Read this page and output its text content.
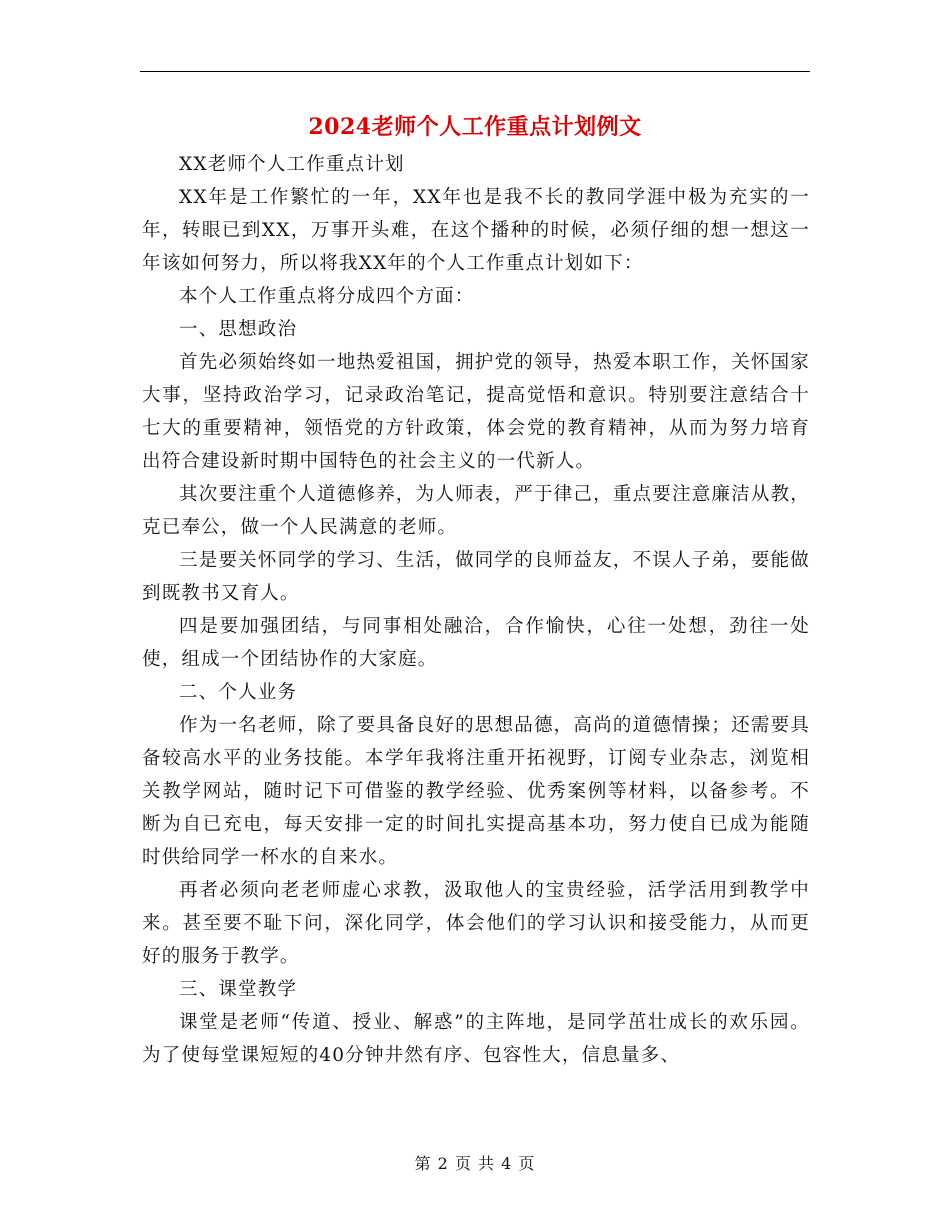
2024老师个人工作重点计划例文

XX老师个人工作重点计划

XX年是工作繁忙的一年，XX年也是我不长的教同学涯中极为充实的一年，转眼已到XX，万事开头难，在这个播种的时候，必须仔细的想一想这一年该如何努力，所以将我XX年的个人工作重点计划如下：

本个人工作重点将分成四个方面：

一、思想政治

首先必须始终如一地热爱祖国，拥护党的领导，热爱本职工作，关怀国家大事，坚持政治学习，记录政治笔记，提高觉悟和意识。特别要注意结合十七大的重要精神，领悟党的方针政策，体会党的教育精神，从而为努力培育出符合建设新时期中国特色的社会主义的一代新人。

其次要注重个人道德修养，为人师表，严于律己，重点要注意廉洁从教，克已奉公，做一个人民满意的老师。

三是要关怀同学的学习、生活，做同学的良师益友，不误人子弟，要能做到既教书又育人。

四是要加强团结，与同事相处融洽，合作愉快，心往一处想，劲往一处使，组成一个团结协作的大家庭。

二、个人业务

作为一名老师，除了要具备良好的思想品德，高尚的道德情操；还需要具备较高水平的业务技能。本学年我将注重开拓视野，订阅专业杂志，浏览相关教学网站，随时记下可借鉴的教学经验、优秀案例等材料，以备参考。不断为自已充电，每天安排一定的时间扎实提高基本功，努力使自已成为能随时供给同学一杯水的自来水。

再者必须向老老师虚心求教，汲取他人的宝贵经验，活学活用到教学中来。甚至要不耻下问，深化同学，体会他们的学习认识和接受能力，从而更好的服务于教学。

三、课堂教学

课堂是老师“传道、授业、解惑”的主阵地，是同学茁壮成长的欢乐园。为了使每堂课短短的40分钟井然有序、包容性大，信息量多、

第 2 页 共 4 页
